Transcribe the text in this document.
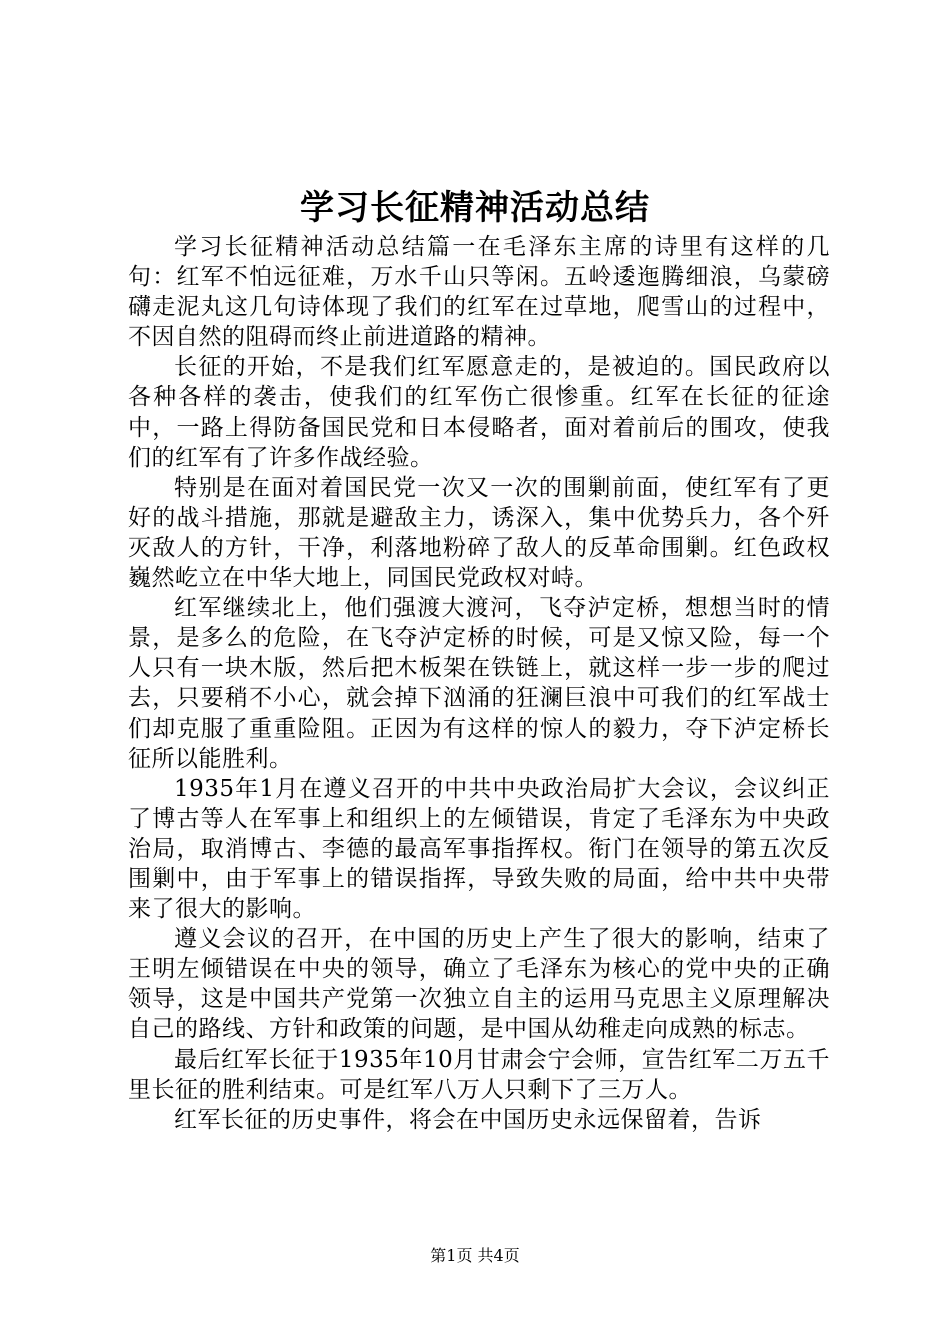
学习长征精神活动总结

学习长征精神活动总结篇一在毛泽东主席的诗里有这样的几句：红军不怕远征难，万水千山只等闲。五岭逶迤腾细浪，乌蒙磅礴走泥丸这几句诗体现了我们的红军在过草地，爬雪山的过程中，不因自然的阻碍而终止前进道路的精神。

长征的开始，不是我们红军愿意走的，是被迫的。国民政府以各种各样的袭击，使我们的红军伤亡很惨重。红军在长征的征途中，一路上得防备国民党和日本侵略者，面对着前后的围攻，使我们的红军有了许多作战经验。

特别是在面对着国民党一次又一次的围剿前面，使红军有了更好的战斗措施，那就是避敌主力，诱深入，集中优势兵力，各个歼灭敌人的方针，干净，利落地粉碎了敌人的反革命围剿。红色政权巍然屹立在中华大地上，同国民党政权对峙。

红军继续北上，他们强渡大渡河，飞夺泸定桥，想想当时的情景，是多么的危险，在飞夺泸定桥的时候，可是又惊又险，每一个人只有一块木版，然后把木板架在铁链上，就这样一步一步的爬过去，只要稍不小心，就会掉下汹涌的狂澜巨浪中可我们的红军战士们却克服了重重险阻。正因为有这样的惊人的毅力，夺下泸定桥长征所以能胜利。

1935年1月在遵义召开的中共中央政治局扩大会议，会议纠正了博古等人在军事上和组织上的左倾错误，肯定了毛泽东为中央政治局，取消博古、李德的最高军事指挥权。衔门在领导的第五次反围剿中，由于军事上的错误指挥，导致失败的局面，给中共中央带来了很大的影响。

遵义会议的召开，在中国的历史上产生了很大的影响，结束了王明左倾错误在中央的领导，确立了毛泽东为核心的党中央的正确领导，这是中国共产党第一次独立自主的运用马克思主义原理解决自己的路线、方针和政策的问题，是中国从幼稚走向成熟的标志。

最后红军长征于1935年10月甘肃会宁会师，宣告红军二万五千里长征的胜利结束。可是红军八万人只剩下了三万人。

红军长征的历史事件，将会在中国历史永远保留着，告诉

第1页 共4页
